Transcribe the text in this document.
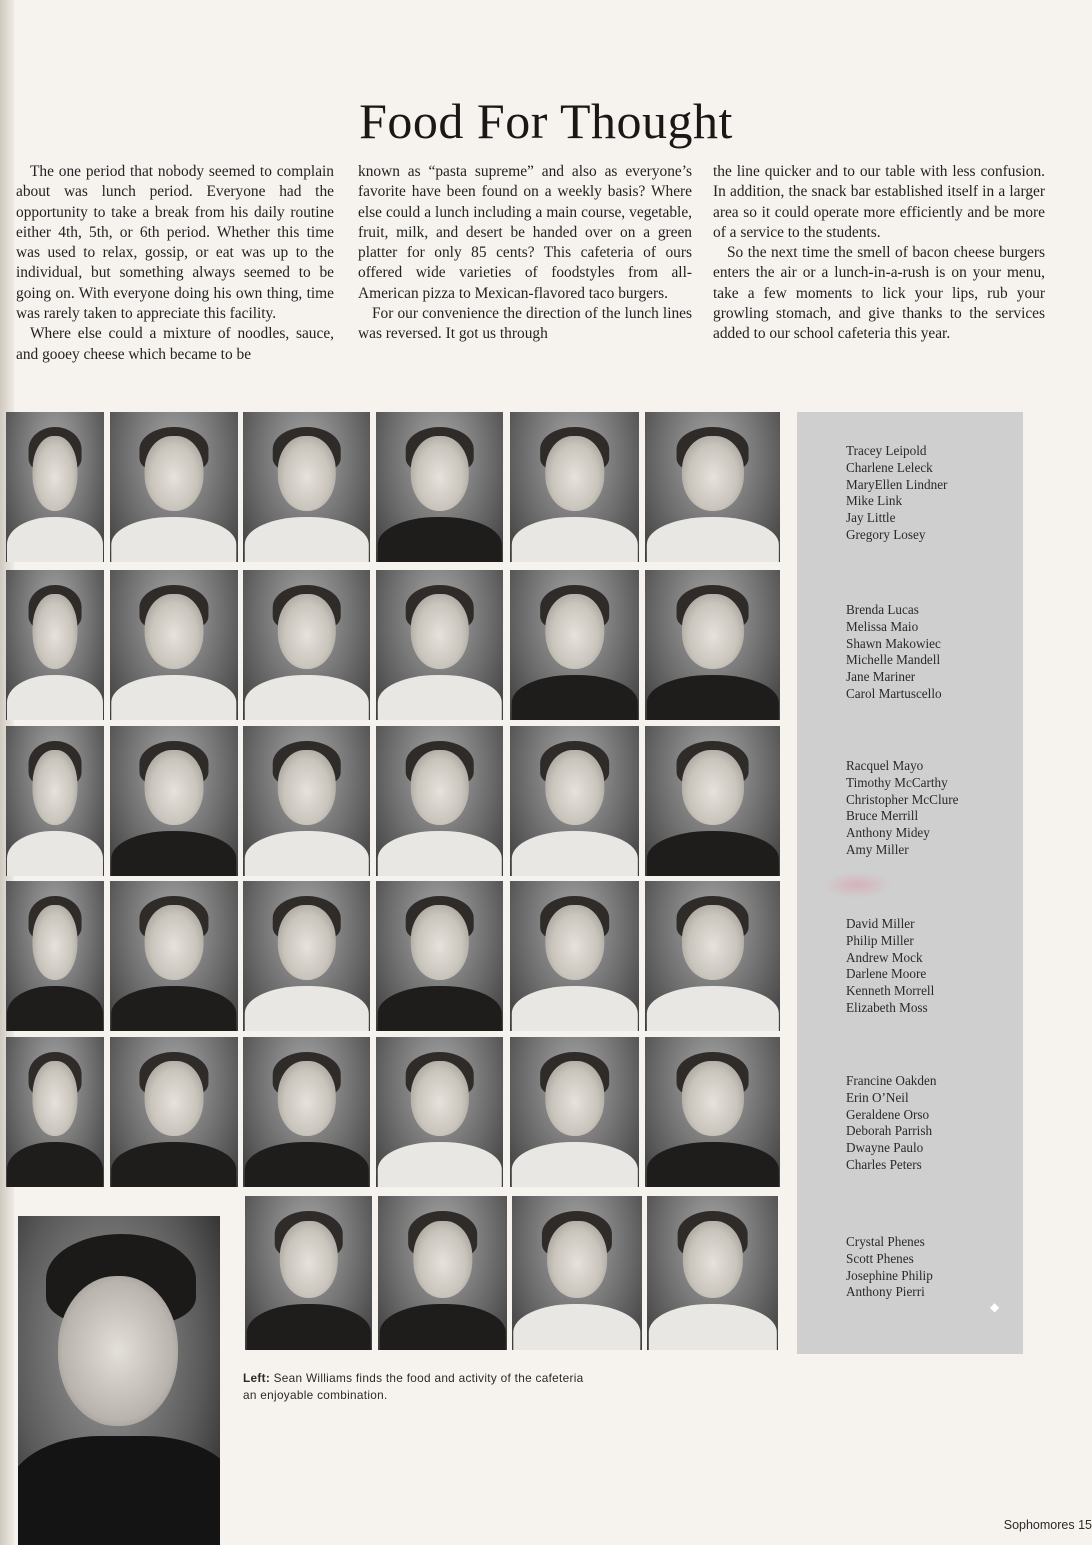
Food For Thought

The one period that nobody seemed to complain about was lunch period. Everyone had the opportunity to take a break from his daily routine either 4th, 5th, or 6th period. Whether this time was used to relax, gossip, or eat was up to the individual, but something always seemed to be going on. With everyone doing his own thing, time was rarely taken to appreciate this facility.

Where else could a mixture of noodles, sauce, and gooey cheese which became to be

known as “pasta supreme” and also as everyone’s favorite have been found on a weekly basis? Where else could a lunch including a main course, vegetable, fruit, milk, and desert be handed over on a green platter for only 85 cents? This cafeteria of ours offered wide varieties of foodstyles from all-American pizza to Mexican-flavored taco burgers.

For our convenience the direction of the lunch lines was reversed. It got us through

the line quicker and to our table with less confusion. In addition, the snack bar established itself in a larger area so it could operate more efficiently and be more of a service to the students.

So the next time the smell of bacon cheese burgers enters the air or a lunch-in-a-rush is on your menu, take a few moments to lick your lips, rub your growling stomach, and give thanks to the services added to our school cafeteria this year.

Tracey Leipold
Charlene Leleck
MaryEllen Lindner
Mike Link
Jay Little
Gregory Losey
Brenda Lucas
Melissa Maio
Shawn Makowiec
Michelle Mandell
Jane Mariner
Carol Martuscello
Racquel Mayo
Timothy McCarthy
Christopher McClure
Bruce Merrill
Anthony Midey
Amy Miller
David Miller
Philip Miller
Andrew Mock
Darlene Moore
Kenneth Morrell
Elizabeth Moss
Francine Oakden
Erin O’Neil
Geraldene Orso
Deborah Parrish
Dwayne Paulo
Charles Peters
Crystal Phenes
Scott Phenes
Josephine Philip
Anthony Pierri
◆
Left: Sean Williams finds the food and activity of the cafeteria an enjoyable combination.
Sophomores 15
